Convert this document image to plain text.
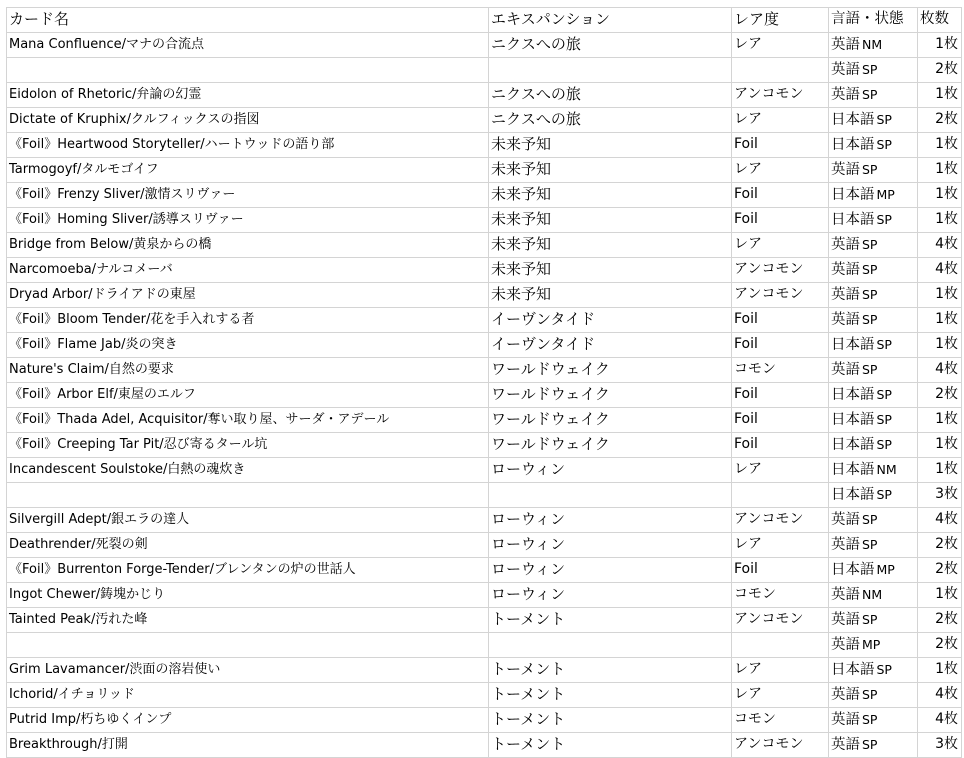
カード名	エキスパンション	レア度	言語・状態	枚数
Mana Confluence/マナの合流点	ニクスへの旅	レア	英語 NM	1枚
			英語 SP	2枚
Eidolon of Rhetoric/弁論の幻霊	ニクスへの旅	アンコモン	英語 SP	1枚
Dictate of Kruphix/クルフィックスの指図	ニクスへの旅	レア	日本語 SP	2枚
《Foil》Heartwood Storyteller/ハートウッドの語り部	未来予知	Foil	日本語 SP	1枚
Tarmogoyf/タルモゴイフ	未来予知	レア	英語 SP	1枚
《Foil》Frenzy Sliver/激情スリヴァー	未来予知	Foil	日本語 MP	1枚
《Foil》Homing Sliver/誘導スリヴァー	未来予知	Foil	日本語 SP	1枚
Bridge from Below/黄泉からの橋	未来予知	レア	英語 SP	4枚
Narcomoeba/ナルコメーバ	未来予知	アンコモン	英語 SP	4枚
Dryad Arbor/ドライアドの東屋	未来予知	アンコモン	英語 SP	1枚
《Foil》Bloom Tender/花を手入れする者	イーヴンタイド	Foil	英語 SP	1枚
《Foil》Flame Jab/炎の突き	イーヴンタイド	Foil	日本語 SP	1枚
Nature's Claim/自然の要求	ワールドウェイク	コモン	英語 SP	4枚
《Foil》Arbor Elf/東屋のエルフ	ワールドウェイク	Foil	日本語 SP	2枚
《Foil》Thada Adel, Acquisitor/奪い取り屋、サーダ・アデール	ワールドウェイク	Foil	日本語 SP	1枚
《Foil》Creeping Tar Pit/忍び寄るタール坑	ワールドウェイク	Foil	日本語 SP	1枚
Incandescent Soulstoke/白熱の魂炊き	ローウィン	レア	日本語 NM	1枚
			日本語 SP	3枚
Silvergill Adept/銀エラの達人	ローウィン	アンコモン	英語 SP	4枚
Deathrender/死裂の剣	ローウィン	レア	英語 SP	2枚
《Foil》Burrenton Forge-Tender/ブレンタンの炉の世話人	ローウィン	Foil	日本語 MP	2枚
Ingot Chewer/鋳塊かじり	ローウィン	コモン	英語 NM	1枚
Tainted Peak/汚れた峰	トーメント	アンコモン	英語 SP	2枚
			英語 MP	2枚
Grim Lavamancer/渋面の溶岩使い	トーメント	レア	日本語 SP	1枚
Ichorid/イチョリッド	トーメント	レア	英語 SP	4枚
Putrid Imp/朽ちゆくインプ	トーメント	コモン	英語 SP	4枚
Breakthrough/打開	トーメント	アンコモン	英語 SP	3枚
